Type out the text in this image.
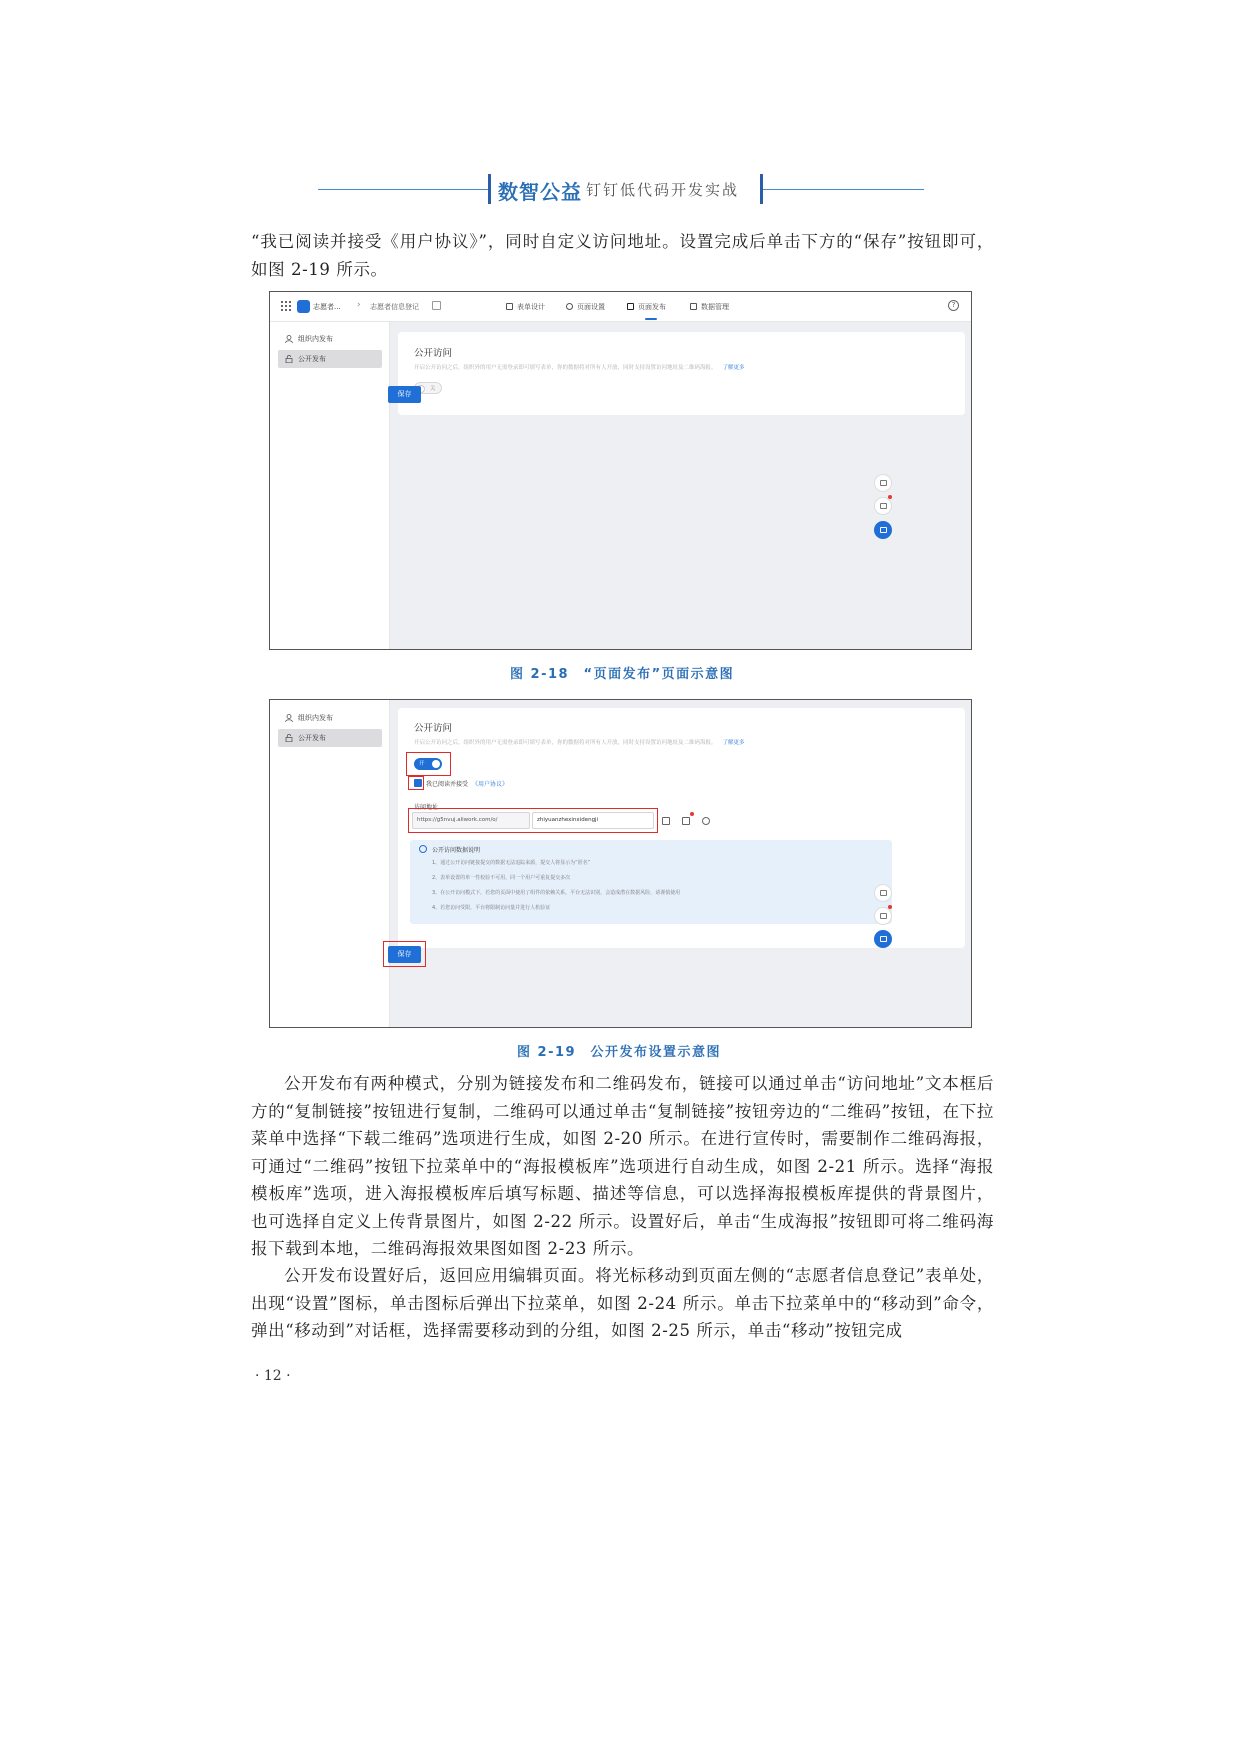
数智公益 钉钉低代码开发实战

“我已阅读并接受《用户协议》”，同时自定义访问地址。设置完成后单击下方的“保存”按钮即可，如图 2-19 所示。

志愿者... › 志愿者信息登记	表单设计	页面设置	页面发布	数据管理	?
组织内发布
公开发布	公开访问
开启公开访问之后，组织外的用户无需登录即可填写表单，你的数据将对所有人开放，同时支持设置访问地址及二维码海报。 了解更多
关
保存
图 2-18　“页面发布”页面示意图
组织内发布
公开发布
公开访问
开启公开访问之后，组织外的用户无需登录即可填写表单，你的数据将对所有人开放，同时支持设置访问地址及二维码海报。 了解更多
开
我已阅读并接受 《用户协议》
访问地址
https://g5nvuj.aliwork.com/o/	zhiyuanzhexinxidengji
公开访问数据说明
1、通过公开访问链接提交的数据无法追踪来源，提交人将显示为“匿名”
2、表单设置的单一性校验不可用，同一个用户可重复提交多次
3、在公开访问模式下，若您的页面中使用了组件的依赖关系，平台无法识别，会造成潜在数据风险，请谨慎使用
4、若您访问受限，平台将限制访问量并进行人机验证
保存
图 2-19　公开发布设置示意图

公开发布有两种模式，分别为链接发布和二维码发布，链接可以通过单击“访问地址”文本框后方的“复制链接”按钮进行复制，二维码可以通过单击“复制链接”按钮旁边的“二维码”按钮，在下拉菜单中选择“下载二维码”选项进行生成，如图 2-20 所示。在进行宣传时，需要制作二维码海报，可通过“二维码”按钮下拉菜单中的“海报模板库”选项进行自动生成，如图 2-21 所示。选择“海报模板库”选项，进入海报模板库后填写标题、描述等信息，可以选择海报模板库提供的背景图片，也可选择自定义上传背景图片，如图 2-22 所示。设置好后，单击“生成海报”按钮即可将二维码海报下载到本地，二维码海报效果图如图 2-23 所示。

公开发布设置好后，返回应用编辑页面。将光标移动到页面左侧的“志愿者信息登记”表单处，出现“设置”图标，单击图标后弹出下拉菜单，如图 2-24 所示。单击下拉菜单中的“移动到”命令，弹出“移动到”对话框，选择需要移动到的分组，如图 2-25 所示，单击“移动”按钮完成

· 12 ·
